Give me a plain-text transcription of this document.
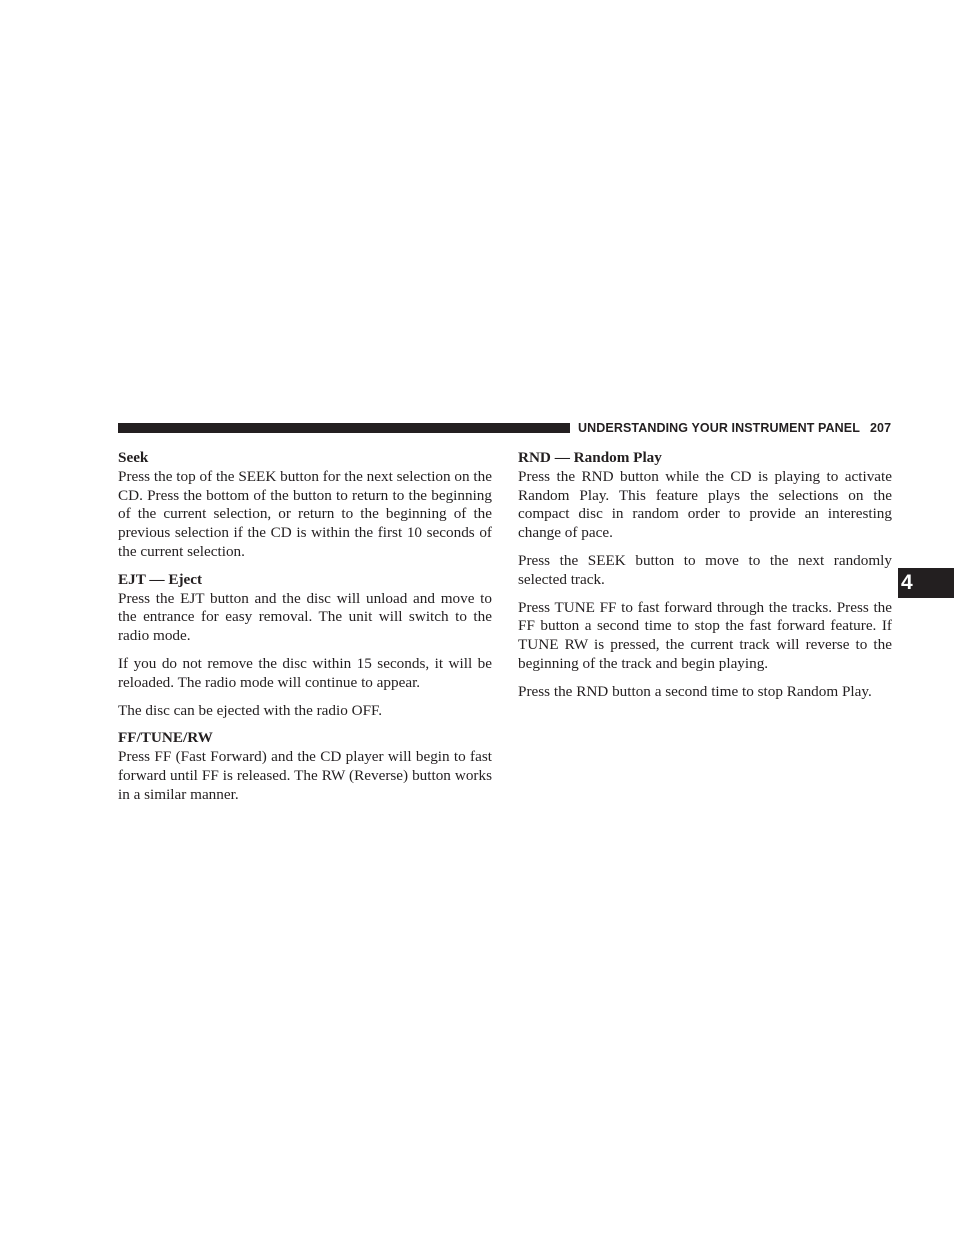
UNDERSTANDING YOUR INSTRUMENT PANEL 207
4
Seek

Press the top of the SEEK button for the next selection on the CD. Press the bottom of the button to return to the beginning of the current selection, or return to the beginning of the previous selection if the CD is within the first 10 seconds of the current selection.

EJT — Eject

Press the EJT button and the disc will unload and move to the entrance for easy removal. The unit will switch to the radio mode.

If you do not remove the disc within 15 seconds, it will be reloaded. The radio mode will continue to appear.

The disc can be ejected with the radio OFF.

FF/TUNE/RW

Press FF (Fast Forward) and the CD player will begin to fast forward until FF is released. The RW (Reverse) button works in a similar manner.

RND — Random Play

Press the RND button while the CD is playing to activate Random Play. This feature plays the selections on the compact disc in random order to provide an interesting change of pace.

Press the SEEK button to move to the next randomly selected track.

Press TUNE FF to fast forward through the tracks. Press the FF button a second time to stop the fast forward feature. If TUNE RW is pressed, the current track will reverse to the beginning of the track and begin playing.

Press the RND button a second time to stop Random Play.
